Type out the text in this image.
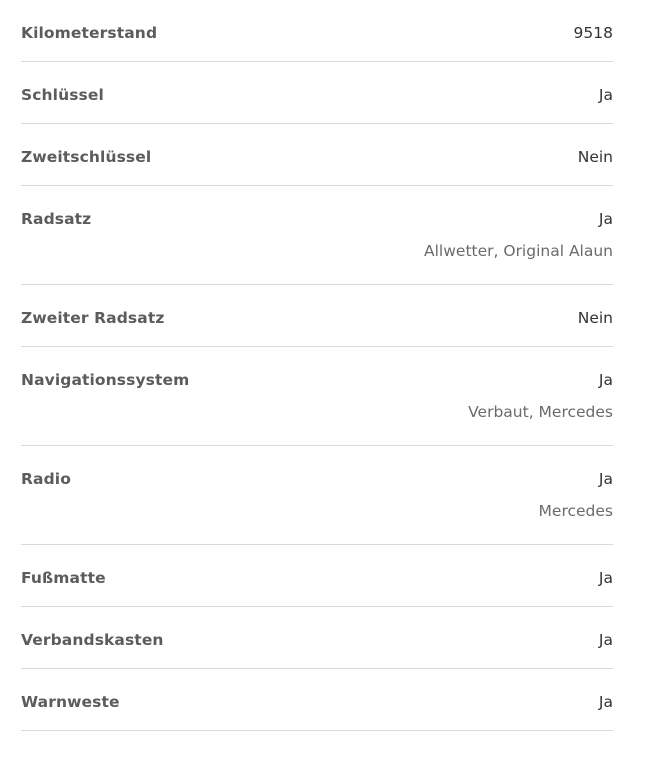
Kilometerstand	9518
Schlüssel	Ja
Zweitschlüssel	Nein
Radsatz	Ja
Allwetter, Original Alaun
Zweiter Radsatz	Nein
Navigationssystem	Ja
Verbaut, Mercedes
Radio	Ja
Mercedes
Fußmatte	Ja
Verbandskasten	Ja
Warnweste	Ja
